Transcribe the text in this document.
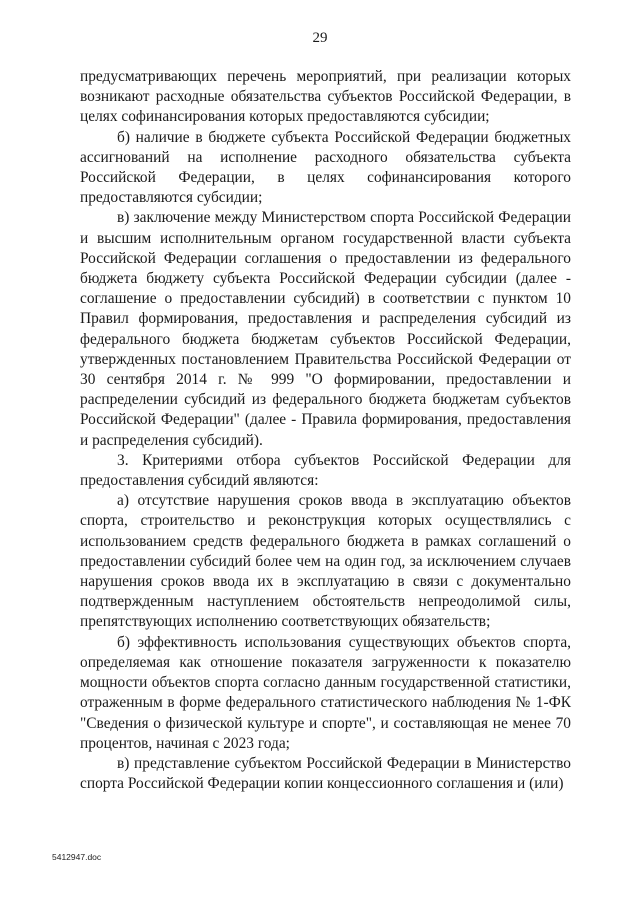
29

предусматривающих перечень мероприятий, при реализации которых возникают расходные обязательства субъектов Российской Федерации, в целях софинансирования которых предоставляются субсидии;

б) наличие в бюджете субъекта Российской Федерации бюджетных ассигнований на исполнение расходного обязательства субъекта Российской Федерации, в целях софинансирования которого предоставляются субсидии;

в) заключение между Министерством спорта Российской Федерации и высшим исполнительным органом государственной власти субъекта Российской Федерации соглашения о предоставлении из федерального бюджета бюджету субъекта Российской Федерации субсидии (далее - соглашение о предоставлении субсидий) в соответствии с пунктом 10 Правил формирования, предоставления и распределения субсидий из федерального бюджета бюджетам субъектов Российской Федерации, утвержденных постановлением Правительства Российской Федерации от 30 сентября 2014 г. № 999 "О формировании, предоставлении и распределении субсидий из федерального бюджета бюджетам субъектов Российской Федерации" (далее - Правила формирования, предоставления и распределения субсидий).

3. Критериями отбора субъектов Российской Федерации для предоставления субсидий являются:

а) отсутствие нарушения сроков ввода в эксплуатацию объектов спорта, строительство и реконструкция которых осуществлялись с использованием средств федерального бюджета в рамках соглашений о предоставлении субсидий более чем на один год, за исключением случаев нарушения сроков ввода их в эксплуатацию в связи с документально подтвержденным наступлением обстоятельств непреодолимой силы, препятствующих исполнению соответствующих обязательств;

б) эффективность использования существующих объектов спорта, определяемая как отношение показателя загруженности к показателю мощности объектов спорта согласно данным государственной статистики, отраженным в форме федерального статистического наблюдения № 1-ФК "Сведения о физической культуре и спорте", и составляющая не менее 70 процентов, начиная с 2023 года;

в) представление субъектом Российской Федерации в Министерство спорта Российской Федерации копии концессионного соглашения и (или)

5412947.doc
